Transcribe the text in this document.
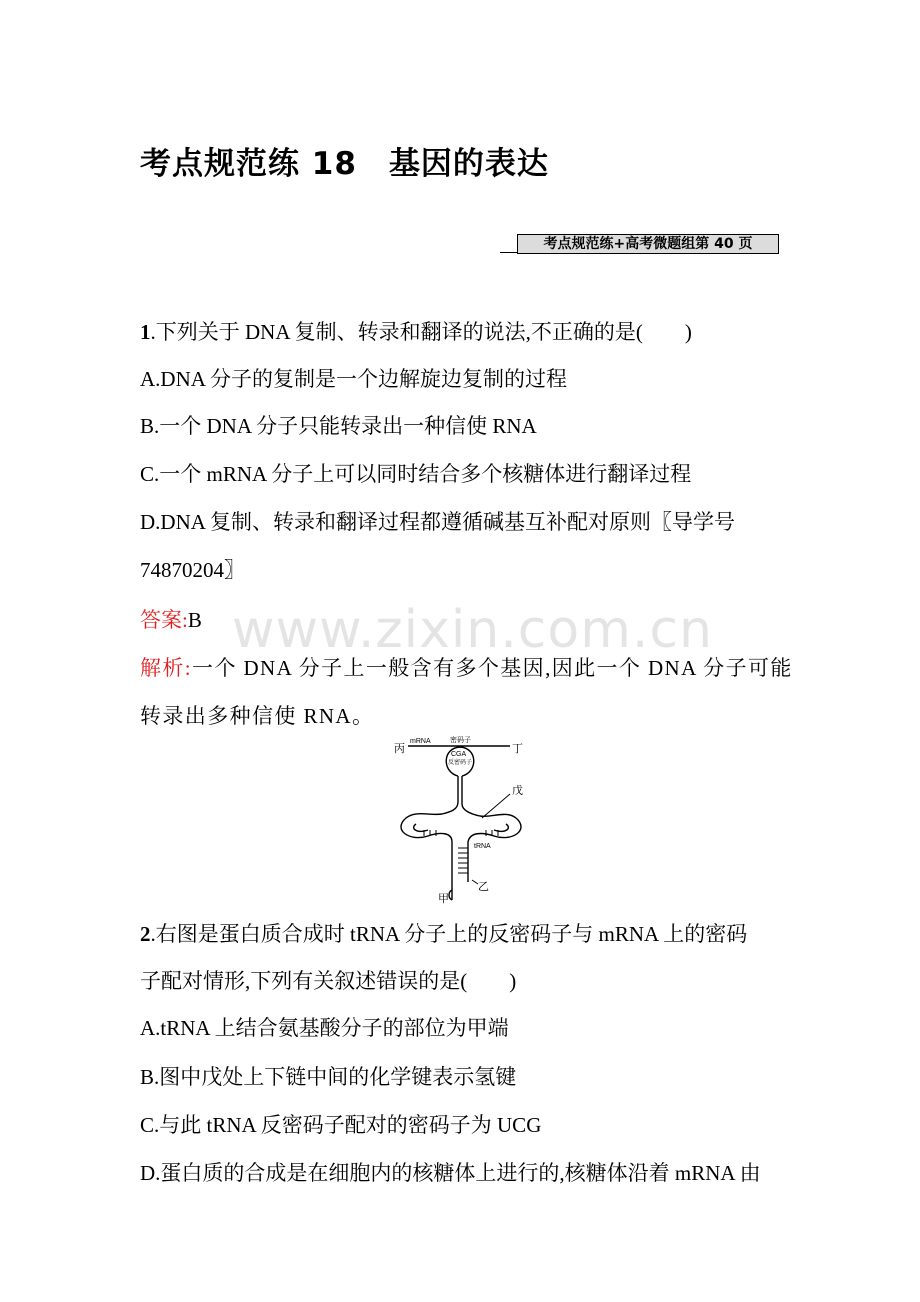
考点规范练 18　基因的表达
考点规范练+高考微题组第 40 页
1.下列关于 DNA 复制、转录和翻译的说法,不正确的是(　　)
A.DNA 分子的复制是一个边解旋边复制的过程
B.一个 DNA 分子只能转录出一种信使 RNA
C.一个 mRNA 分子上可以同时结合多个核糖体进行翻译过程
D.DNA 复制、转录和翻译过程都遵循碱基互补配对原则〖导学号
74870204〗
答案:B
解析:一个 DNA 分子上一般含有多个基因,因此一个 DNA 分子可能
转录出多种信使 RNA。
www.zixin.com.cn
丙	丁
mRNA	密码子
CGA
反密码子
戊
tRNA
乙
甲
2.右图是蛋白质合成时 tRNA 分子上的反密码子与 mRNA 上的密码
子配对情形,下列有关叙述错误的是(　　)
A.tRNA 上结合氨基酸分子的部位为甲端
B.图中戊处上下链中间的化学键表示氢键
C.与此 tRNA 反密码子配对的密码子为 UCG
D.蛋白质的合成是在细胞内的核糖体上进行的,核糖体沿着 mRNA 由
